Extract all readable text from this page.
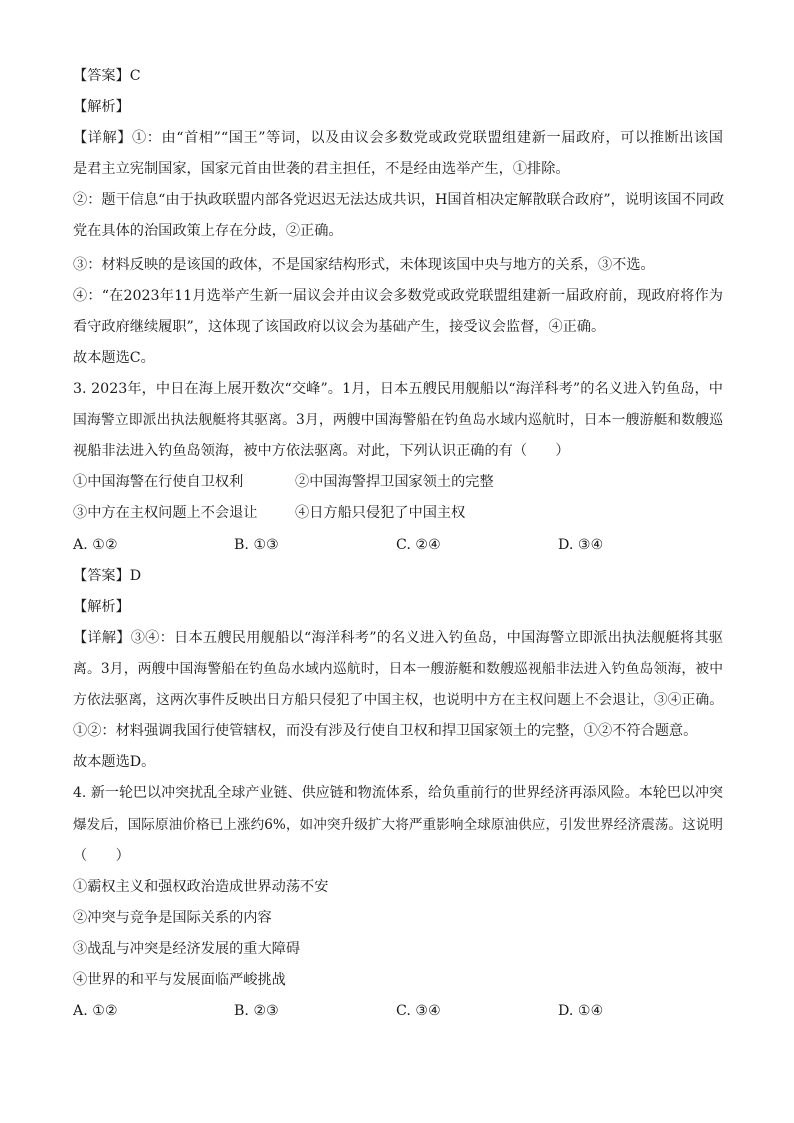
【答案】C
【解析】
【详解】①：由“首相”“国王”等词，以及由议会多数党或政党联盟组建新一届政府，可以推断出该国
是君主立宪制国家，国家元首由世袭的君主担任，不是经由选举产生，①排除。
②：题干信息“由于执政联盟内部各党迟迟无法达成共识，H国首相决定解散联合政府”，说明该国不同政
党在具体的治国政策上存在分歧，②正确。
③：材料反映的是该国的政体，不是国家结构形式，未体现该国中央与地方的关系，③不选。
④：“在2023年11月选举产生新一届议会并由议会多数党或政党联盟组建新一届政府前，现政府将作为
看守政府继续履职”，这体现了该国政府以议会为基础产生，接受议会监督，④正确。
故本题选C。
3. 2023年，中日在海上展开数次“交峰”。1月，日本五艘民用舰船以“海洋科考”的名义进入钓鱼岛，中
国海警立即派出执法舰艇将其驱离。3月，两艘中国海警船在钓鱼岛水域内巡航时，日本一艘游艇和数艘巡
视船非法进入钓鱼岛领海，被中方依法驱离。对此，下列认识正确的有（　　）
①中国海警在行使自卫权利	②中国海警捍卫国家领土的完整
③中方在主权问题上不会退让	④日方船只侵犯了中国主权
A. ①②	B. ①③	C. ②④	D. ③④
【答案】D
【解析】
【详解】③④：日本五艘民用舰船以“海洋科考”的名义进入钓鱼岛，中国海警立即派出执法舰艇将其驱
离。3月，两艘中国海警船在钓鱼岛水域内巡航时，日本一艘游艇和数艘巡视船非法进入钓鱼岛领海，被中
方依法驱离，这两次事件反映出日方船只侵犯了中国主权，也说明中方在主权问题上不会退让，③④正确。
①②：材料强调我国行使管辖权，而没有涉及行使自卫权和捍卫国家领土的完整，①②不符合题意。
故本题选D。
4. 新一轮巴以冲突扰乱全球产业链、供应链和物流体系，给负重前行的世界经济再添风险。本轮巴以冲突
爆发后，国际原油价格已上涨约6%，如冲突升级扩大将严重影响全球原油供应，引发世界经济震荡。这说明
（　　）
①霸权主义和强权政治造成世界动荡不安
②冲突与竞争是国际关系的内容
③战乱与冲突是经济发展的重大障碍
④世界的和平与发展面临严峻挑战
A. ①②	B. ②③	C. ③④	D. ①④
